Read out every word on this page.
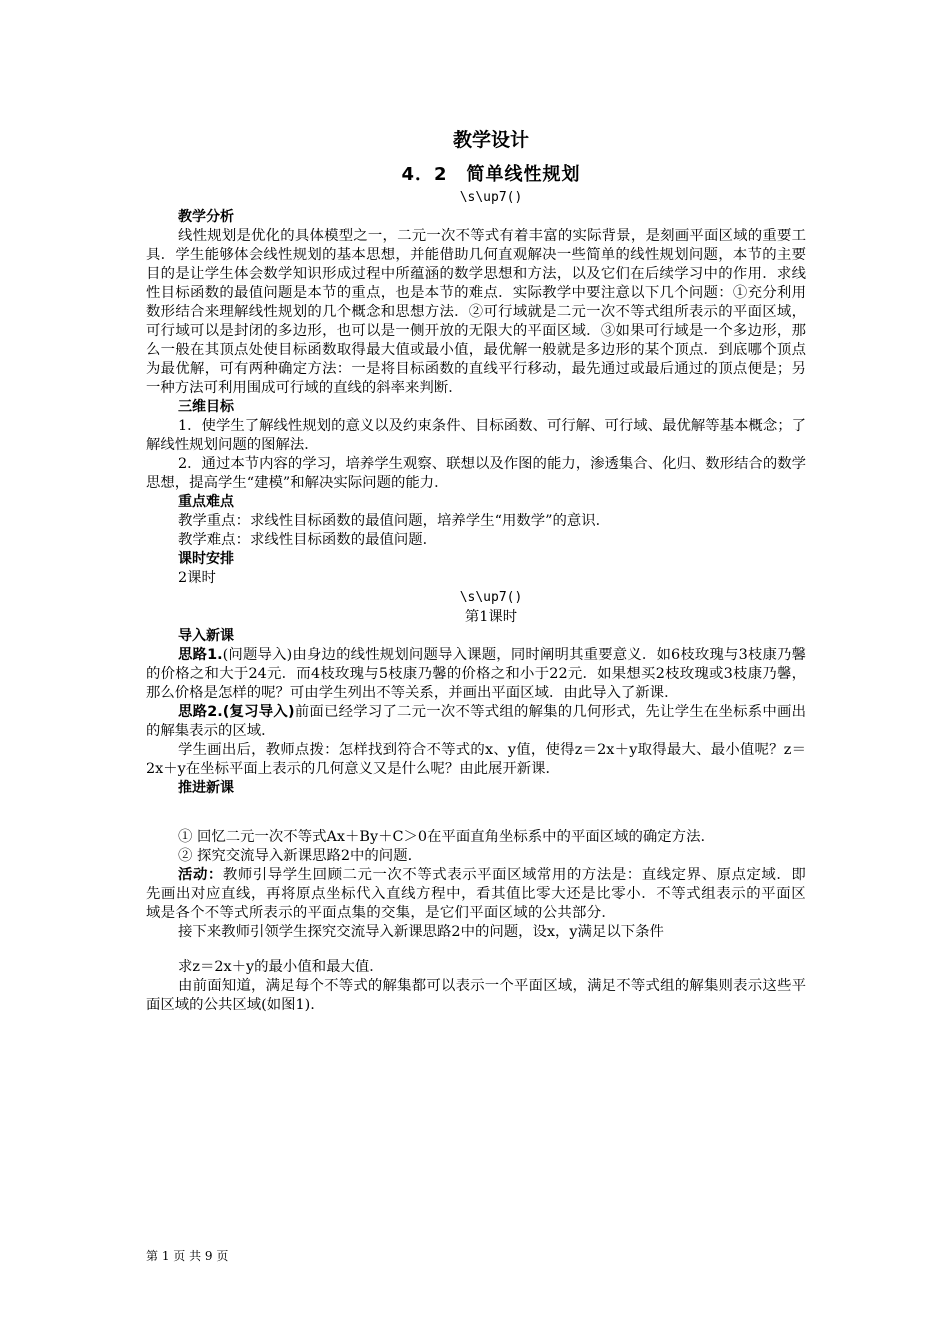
教学设计
4．2　简单线性规划
\s\up7()
教学分析

线性规划是优化的具体模型之一，二元一次不等式有着丰富的实际背景，是刻画平面区域的重要工具．学生能够体会线性规划的基本思想，并能借助几何直观解决一些简单的线性规划问题，本节的主要目的是让学生体会数学知识形成过程中所蕴涵的数学思想和方法，以及它们在后续学习中的作用．求线性目标函数的最值问题是本节的重点，也是本节的难点．实际教学中要注意以下几个问题：①充分利用数形结合来理解线性规划的几个概念和思想方法．②可行域就是二元一次不等式组所表示的平面区域，可行域可以是封闭的多边形，也可以是一侧开放的无限大的平面区域．③如果可行域是一个多边形，那么一般在其顶点处使目标函数取得最大值或最小值，最优解一般就是多边形的某个顶点．到底哪个顶点为最优解，可有两种确定方法：一是将目标函数的直线平行移动，最先通过或最后通过的顶点便是；另一种方法可利用围成可行域的直线的斜率来判断．

三维目标

1．使学生了解线性规划的意义以及约束条件、目标函数、可行解、可行域、最优解等基本概念；了解线性规划问题的图解法．

2．通过本节内容的学习，培养学生观察、联想以及作图的能力，渗透集合、化归、数形结合的数学思想，提高学生“建模”和解决实际问题的能力．

重点难点

教学重点：求线性目标函数的最值问题，培养学生“用数学”的意识．

教学难点：求线性目标函数的最值问题．

课时安排

2课时

\s\up7()
第1课时
导入新课

思路1.(问题导入)由身边的线性规划问题导入课题，同时阐明其重要意义．如6枝玫瑰与3枝康乃馨的价格之和大于24元．而4枝玫瑰与5枝康乃馨的价格之和小于22元．如果想买2枝玫瑰或3枝康乃馨，那么价格是怎样的呢？可由学生列出不等关系，并画出平面区域．由此导入了新课．

思路2.(复习导入)前面已经学习了二元一次不等式组的解集的几何形式，先让学生在坐标系中画出的解集表示的区域．

学生画出后，教师点拨：怎样找到符合不等式的x、y值，使得z＝2x＋y取得最大、最小值呢？z＝2x＋y在坐标平面上表示的几何意义又是什么呢？由此展开新课．

推进新课

① 回忆二元一次不等式Ax＋By＋C＞0在平面直角坐标系中的平面区域的确定方法.

② 探究交流导入新课思路2中的问题.

活动：教师引导学生回顾二元一次不等式表示平面区域常用的方法是：直线定界、原点定域．即先画出对应直线，再将原点坐标代入直线方程中，看其值比零大还是比零小．不等式组表示的平面区域是各个不等式所表示的平面点集的交集，是它们平面区域的公共部分．

接下来教师引领学生探究交流导入新课思路2中的问题，设x，y满足以下条件

求z＝2x＋y的最小值和最大值．

由前面知道，满足每个不等式的解集都可以表示一个平面区域，满足不等式组的解集则表示这些平面区域的公共区域(如图1).

第 1 页 共 9 页
